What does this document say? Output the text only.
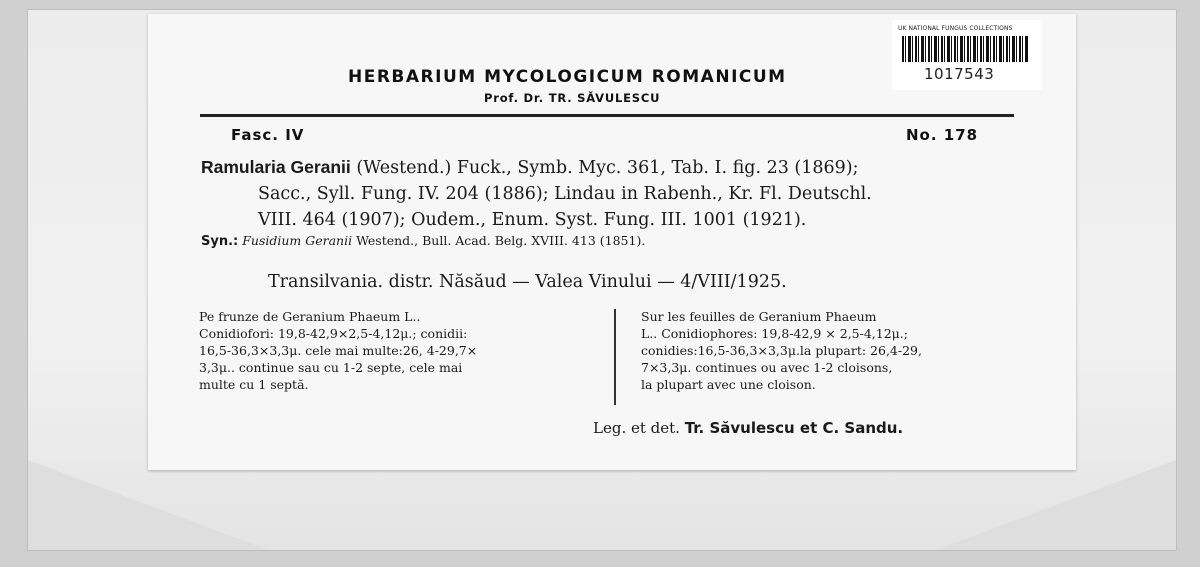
UK NATIONAL FUNGUS COLLECTIONS
1017543
HERBARIUM MYCOLOGICUM ROMANICUM
Prof. Dr. TR. SĂVULESCU
Fasc. IV	No. 178
Ramularia Geranii (Westend.) Fuck., Symb. Myc. 361, Tab. I. fig. 23 (1869);
Sacc., Syll. Fung. IV. 204 (1886); Lindau in Rabenh., Kr. Fl. Deutschl.
VIII. 464 (1907); Oudem., Enum. Syst. Fung. III. 1001 (1921).
Syn.: Fusidium Geranii Westend., Bull. Acad. Belg. XVIII. 413 (1851).
Transilvania. distr. Năsăud — Valea Vinului — 4/VIII/1925.
Pe frunze de Geranium Phaeum L..
Conidiofori: 19,8-42,9×2,5-4,12μ.; conidii:
16,5-36,3×3,3μ. cele mai multe:26, 4-29,7×
3,3μ.. continue sau cu 1-2 septe, cele mai
multe cu 1 septă.
Sur les feuilles de Geranium Phaeum
L.. Conidiophores: 19,8-42,9 × 2,5-4,12μ.;
conidies:16,5-36,3×3,3μ.la plupart: 26,4-29,
7×3,3μ. continues ou avec 1-2 cloisons,
la plupart avec une cloison.
Leg. et det. Tr. Săvulescu et C. Sandu.
